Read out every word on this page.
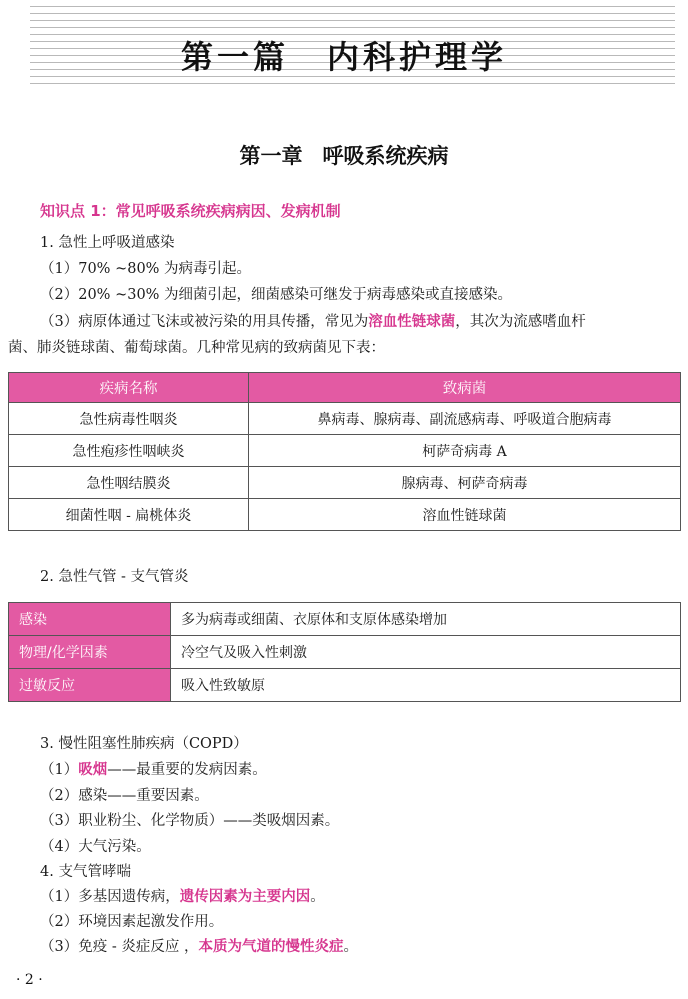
第一篇 内科护理学
第一章 呼吸系统疾病
知识点 1：常见呼吸系统疾病病因、发病机制
1. 急性上呼吸道感染
（1）70% ~80% 为病毒引起。
（2）20% ~30% 为细菌引起，细菌感染可继发于病毒感染或直接感染。
（3）病原体通过飞沫或被污染的用具传播，常见为溶血性链球菌，其次为流感嗜血杆
菌、肺炎链球菌、葡萄球菌。几种常见病的致病菌见下表：
疾病名称	致病菌
急性病毒性咽炎	鼻病毒、腺病毒、副流感病毒、呼吸道合胞病毒
急性疱疹性咽峡炎	柯萨奇病毒 A
急性咽结膜炎	腺病毒、柯萨奇病毒
细菌性咽 - 扁桃体炎	溶血性链球菌
2. 急性气管 - 支气管炎
感染	多为病毒或细菌、衣原体和支原体感染增加
物理/化学因素	冷空气及吸入性刺激
过敏反应	吸入性致敏原
3. 慢性阻塞性肺疾病（COPD）
（1）吸烟——最重要的发病因素。
（2）感染——重要因素。
（3）职业粉尘、化学物质）——类吸烟因素。
（4）大气污染。
4. 支气管哮喘
（1）多基因遗传病，遗传因素为主要内因。
（2）环境因素起激发作用。
（3）免疫 - 炎症反应 ，本质为气道的慢性炎症。
· 2 ·
